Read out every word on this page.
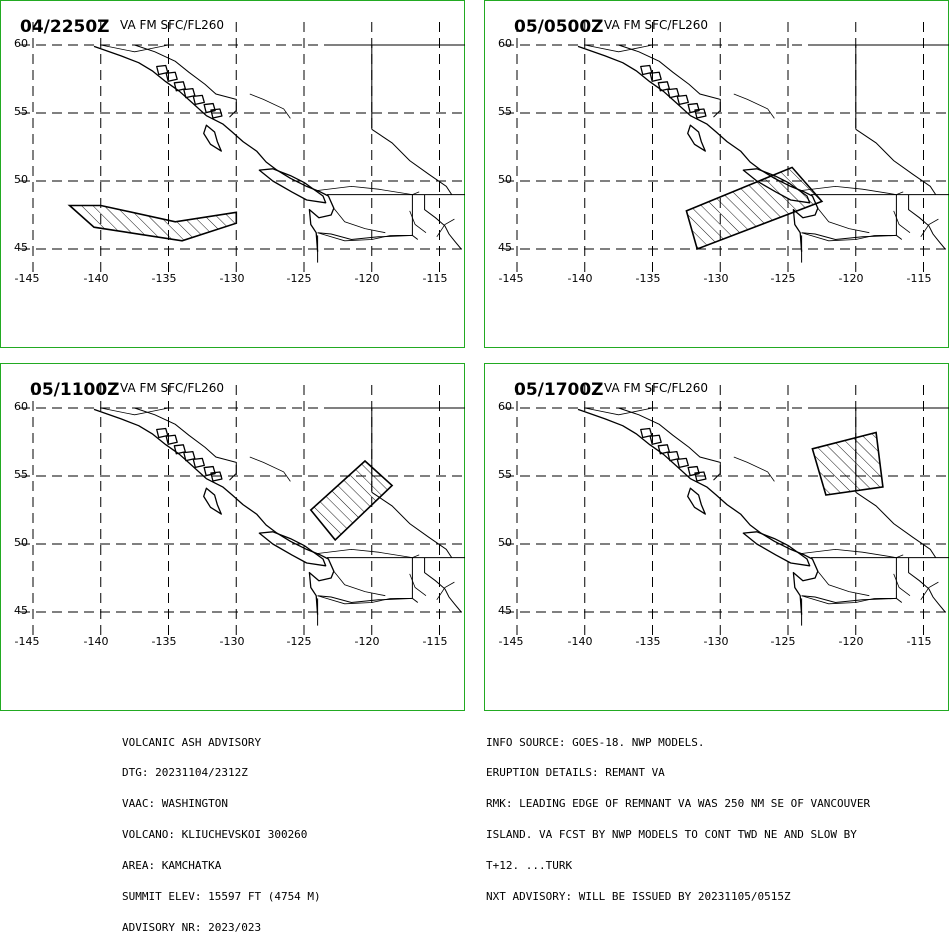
04/2250Z VA FM SFC/FL260
60
55
50
45
-145	-140	-135	-130	-125	-120	-115
05/0500Z VA FM SFC/FL260
60
55
50
45
-145	-140	-135	-130	-125	-120	-115
05/1100Z VA FM SFC/FL260
60
55
50
45
-145	-140	-135	-130	-125	-120	-115
05/1700Z VA FM SFC/FL260
60
55
50
45
-145	-140	-135	-130	-125	-120	-115

VOLCANIC ASH ADVISORY

DTG: 20231104/2312Z

VAAC: WASHINGTON

VOLCANO: KLIUCHEVSKOI 300260

AREA: KAMCHATKA

SUMMIT ELEV: 15597 FT (4754 M)

ADVISORY NR: 2023/023

INFO SOURCE: GOES-18. NWP MODELS.

ERUPTION DETAILS: REMANT VA

RMK: LEADING EDGE OF REMNANT VA WAS 250 NM SE OF VANCOUVER

ISLAND. VA FCST BY NWP MODELS TO CONT TWD NE AND SLOW BY

T+12. ...TURK

NXT ADVISORY: WILL BE ISSUED BY 20231105/0515Z
